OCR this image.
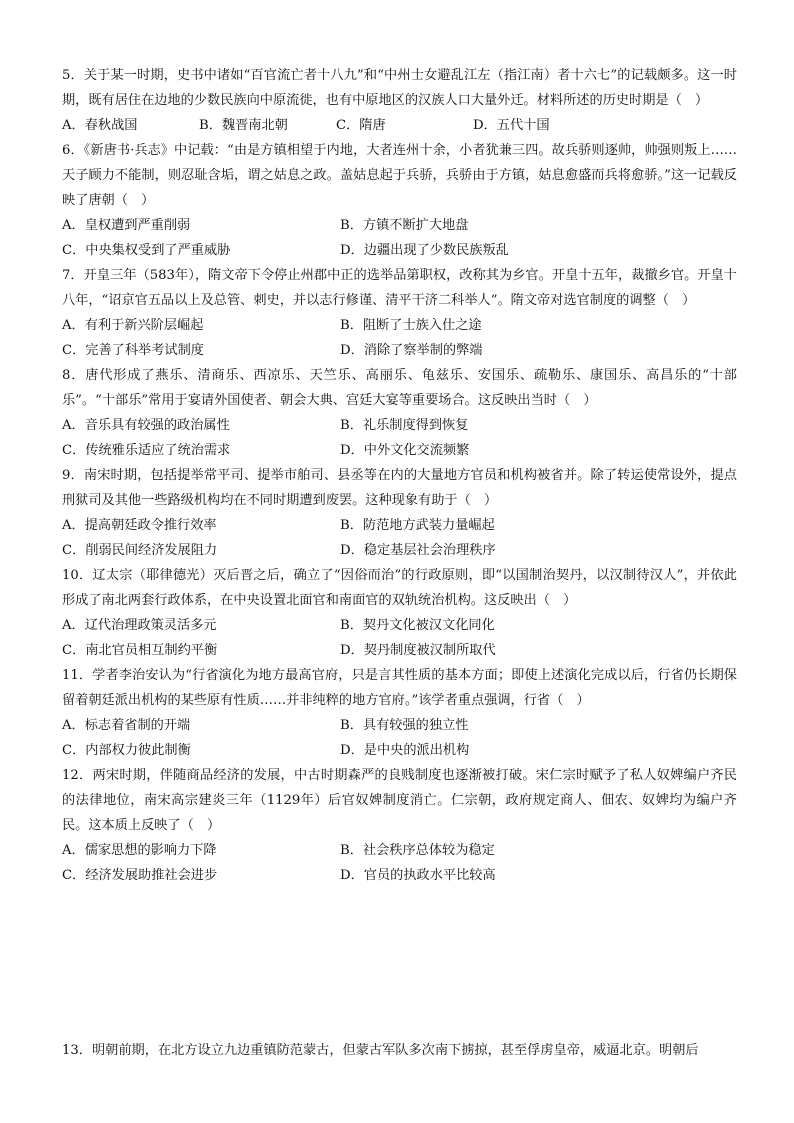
5．关于某一时期，史书中诸如“百官流亡者十八九”和“中州士女避乱江左（指江南）者十六七”的记载颇多。这一时期，既有居住在边地的少数民族向中原流徙，也有中原地区的汉族人口大量外迁。材料所述的历史时期是（　）
A．春秋战国	B．魏晋南北朝	C．隋唐	D．五代十国
6．《新唐书·兵志》中记载：“由是方镇相望于内地，大者连州十余，小者犹兼三四。故兵骄则逐帅，帅强则叛上……天子顾力不能制，则忍耻含垢，谓之姑息之政。盖姑息起于兵骄，兵骄由于方镇，姑息愈盛而兵将愈骄。”这一记载反映了唐朝（　）
A．皇权遭到严重削弱	B．方镇不断扩大地盘
C．中央集权受到了严重威胁	D．边疆出现了少数民族叛乱
7．开皇三年（583年），隋文帝下令停止州郡中正的选举品第职权，改称其为乡官。开皇十五年，裁撤乡官。开皇十八年，“诏京官五品以上及总管、刺史，并以志行修谨、清平干济二科举人”。隋文帝对选官制度的调整（　）
A．有利于新兴阶层崛起	B．阻断了士族入仕之途
C．完善了科举考试制度	D．消除了察举制的弊端
8．唐代形成了燕乐、清商乐、西凉乐、天竺乐、高丽乐、龟兹乐、安国乐、疏勒乐、康国乐、高昌乐的“十部乐”。“十部乐”常用于宴请外国使者、朝会大典、宫廷大宴等重要场合。这反映出当时（　）
A．音乐具有较强的政治属性	B．礼乐制度得到恢复
C．传统雅乐适应了统治需求	D．中外文化交流频繁
9．南宋时期，包括提举常平司、提举市舶司、县丞等在内的大量地方官员和机构被省并。除了转运使常设外，提点刑狱司及其他一些路级机构均在不同时期遭到废罢。这种现象有助于（　）
A．提高朝廷政令推行效率	B．防范地方武装力量崛起
C．削弱民间经济发展阻力	D．稳定基层社会治理秩序
10．辽太宗（耶律德光）灭后晋之后，确立了“因俗而治”的行政原则，即“以国制治契丹，以汉制待汉人”，并依此形成了南北两套行政体系，在中央设置北面官和南面官的双轨统治机构。这反映出（　）
A．辽代治理政策灵活多元	B．契丹文化被汉文化同化
C．南北官员相互制约平衡	D．契丹制度被汉制所取代
11．学者李治安认为“行省演化为地方最高官府，只是言其性质的基本方面；即使上述演化完成以后，行省仍长期保留着朝廷派出机构的某些原有性质……并非纯粹的地方官府。”该学者重点强调，行省（　）
A．标志着省制的开端	B．具有较强的独立性
C．内部权力彼此制衡	D．是中央的派出机构
12．两宋时期，伴随商品经济的发展，中古时期森严的良贱制度也逐渐被打破。宋仁宗时赋予了私人奴婢编户齐民的法律地位，南宋高宗建炎三年（1129年）后官奴婢制度消亡。仁宗朝，政府规定商人、佃农、奴婢均为编户齐民。这本质上反映了（　）
A．儒家思想的影响力下降	B．社会秩序总体较为稳定
C．经济发展助推社会进步	D．官员的执政水平比较高
13．明朝前期，在北方设立九边重镇防范蒙古，但蒙古军队多次南下掳掠，甚至俘虏皇帝，威逼北京。明朝后
